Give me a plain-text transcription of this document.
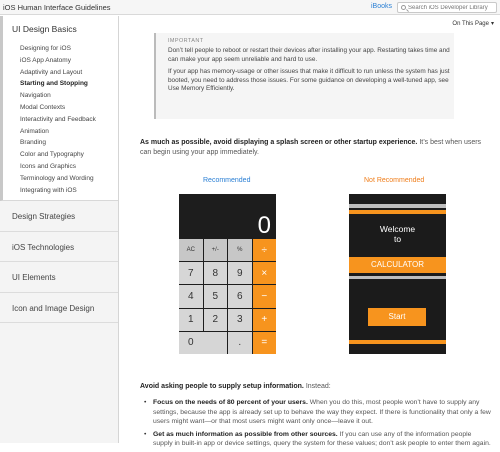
iOS Human Interface Guidelines	iBooks
Search iOS Developer Library
UI Design Basics
Designing for iOS
iOS App Anatomy
Adaptivity and Layout
Starting and Stopping
Navigation
Modal Contexts
Interactivity and Feedback
Animation
Branding
Color and Typography
Icons and Graphics
Terminology and Wording
Integrating with iOS
Design Strategies
iOS Technologies
UI Elements
Icon and Image Design
On This Page ▾
IMPORTANT

Don’t tell people to reboot or restart their devices after installing your app. Restarting takes time and can make your app seem unreliable and hard to use.

If your app has memory-usage or other issues that make it difficult to run unless the system has just booted, you need to address those issues. For some guidance on developing a well-tuned app, see Use Memory Efficiently.

As much as possible, avoid displaying a splash screen or other startup experience. It’s best when users can begin using your app immediately.
Recommended	Not Recommended
0
AC	+/-	%	÷
7	8	9	×
4	5	6	−
1	2	3	+
0	.	=
Welcome
to
CALCULATOR
Start
Avoid asking people to supply setup information. Instead:
• Focus on the needs of 80 percent of your users. When you do this, most people won’t have to supply any settings, because the app is already set up to behave the way they expect. If there is functionality that only a few users might want—or that most users might want only once—leave it out.
• Get as much information as possible from other sources. If you can use any of the information people supply in built-in app or device settings, query the system for these values; don’t ask people to enter them again.
